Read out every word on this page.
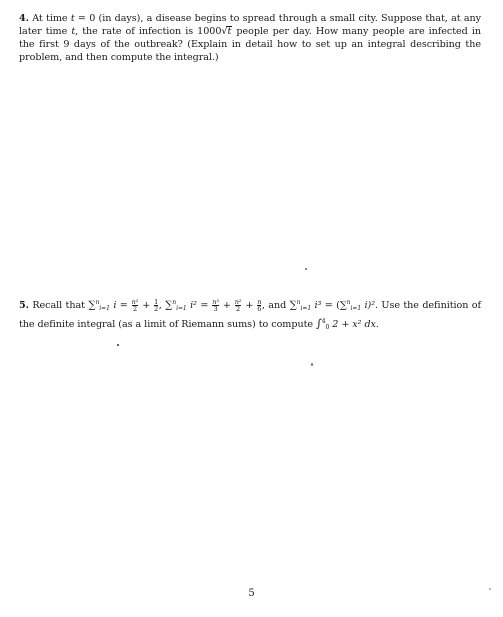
4. At time t = 0 (in days), a disease begins to spread through a small city. Suppose that, at any later time t, the rate of infection is 1000√t people per day. How many people are infected in the first 9 days of the outbreak? (Explain in detail how to set up an integral describing the problem, and then compute the integral.)
5. Recall that ∑$^n_{i=1}$ $i = \frac{\text{n²}}{2} + \frac{1}{2}$ , ∑$^n_{i=1}$ $i^2 = \frac{\text{n³}}{3} + \frac{\text{n²}}{2} + \frac{n}{6}$ , and ∑$^n_{i=1}$ i³ = (∑$^n_{i=1}$ i)². Use the definition of the definite integral (as a limit of Riemann sums) to compute ∫$^4_0$ 2 + x² dx.
5
